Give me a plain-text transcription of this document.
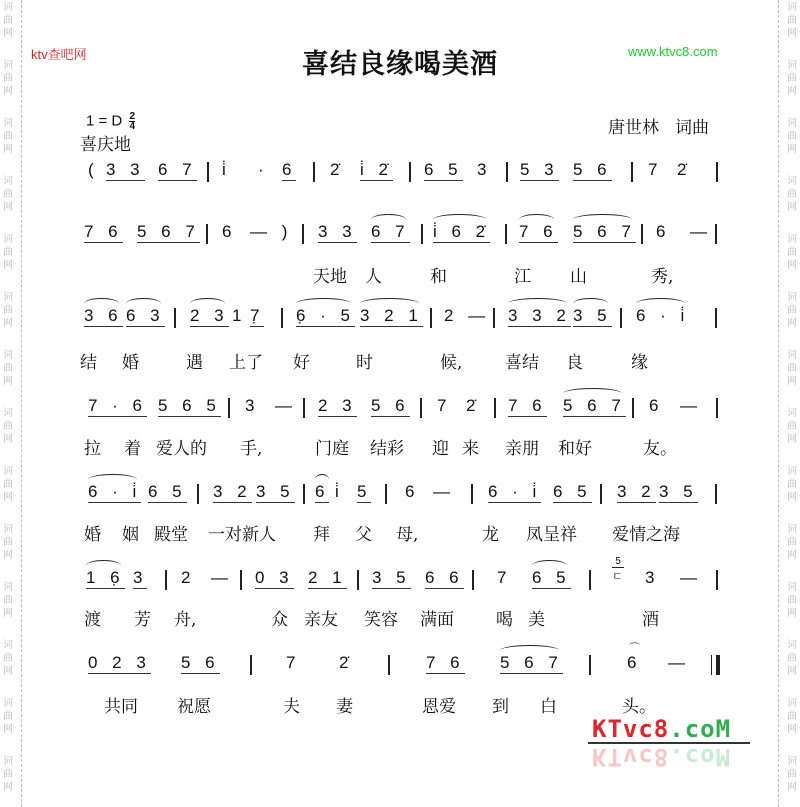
词
曲
网
词
曲
网
词
曲
网
词
曲
网
词
曲
网
词
曲
网
词
曲
网
词
曲
网
词
曲
网
词
曲
网
词
曲
网
词
曲
网
词
曲
网
词
曲
网
词
曲
网
词
曲
网
词
曲
网
词
曲
网
词
曲
网
词
曲
网
词
曲
网
词
曲
网
词
曲
网
词
曲
网
词
曲
网
词
曲
网
词
曲
网
词
曲
网
ktv查吧网	喜结良缘喝美酒	www.ktvc8.com
1 = D $\frac{2}{4}$
喜庆地
唐世林 词曲
( 3 3 6 7 i̇ · 6 2̇ i̇ 2̇ 6 5 3 5 3 5 6 7 2̇
7 6 5 6 7 6 — ) 3 3 6 7 i̇ 6 2̇ 7 6 5 6 7 6 —
天地 人	和	江 山	秀,
3 6 6 3 2 3 1 7̣ 6̣ · 5 3 2 1 2 — 3 3 2 3 5 6 · i̇
结 婚	遇 上了 好	时	候,	喜结 良	缘
7 · 6 5 6 5 3 — 2 3 5 6 7 2̇ 7 6 5 6 7 6 —
拉 着 爱人的 手,	门庭 结彩 迎 来 亲朋 和好	友。
6 · i̇ 6 5 3 2 3 5 6 i̇ 5 6 — 6 · i̇ 6 5 3 2 3 5
婚 姻 殿堂 一对新人 拜 父 母,	龙 凤呈祥 爱情之海
1 6̣ 3 2 — 0 3 2 1 3 5 6 6 7 6 5	3 —
5
ㄷ
渡 芳 舟,	众 亲友 笑容 满面 喝 美	酒
0 2 3 5 6	7 2̇	7 6 5 6 7	6 —
⌒
共同 祝愿	夫 妻	恩爱 到 白	头。
KTvc8.coM
KTvc8.coM
